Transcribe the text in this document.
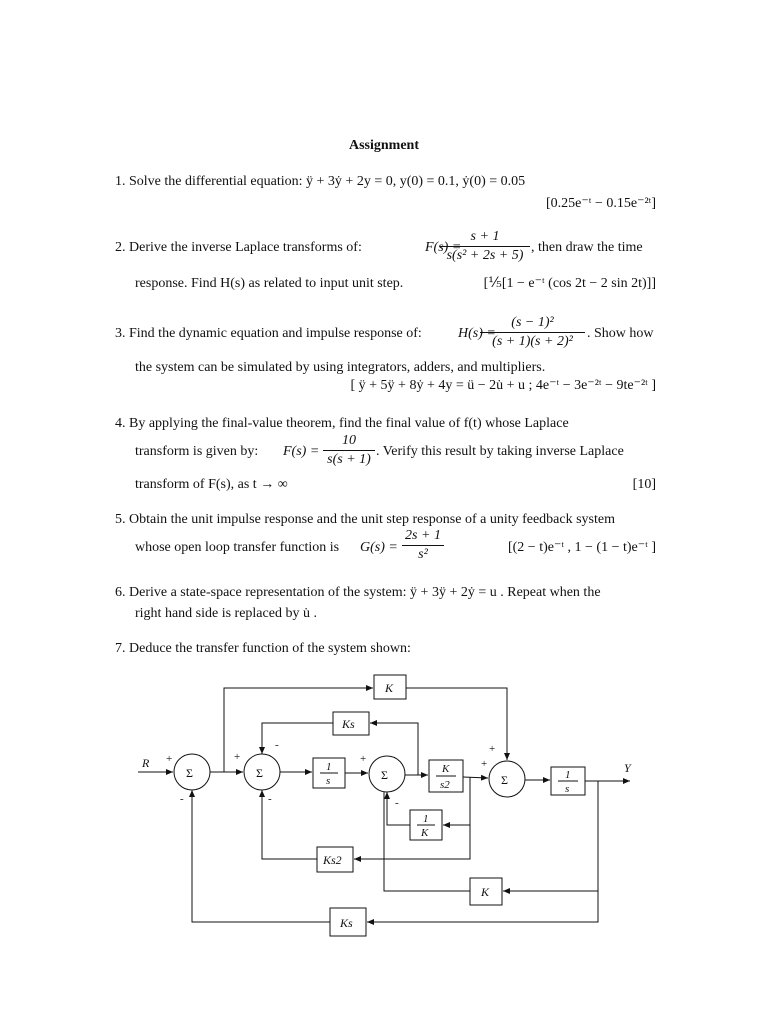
Assignment
1. Solve the differential equation: ÿ + 3ẏ + 2y = 0, y(0) = 0.1, ẏ(0) = 0.05
[0.25e⁻ᵗ − 0.15e⁻²ᵗ]
2. Derive the inverse Laplace transforms of:	F(s) =
s + 1
s(s² + 2s + 5)
, then draw the time
response. Find H(s) as related to input unit step.	[⅕[1 − e⁻ᵗ (cos 2t − 2 sin 2t)]]
3. Find the dynamic equation and impulse response of:	H(s) =
(s − 1)²
(s + 1)(s + 2)²
. Show how
the system can be simulated by using integrators, adders, and multipliers.
[ ÿ + 5ÿ + 8ẏ + 4y = ü − 2u̇ + u ; 4e⁻ᵗ − 3e⁻²ᵗ − 9te⁻²ᵗ ]
4. By applying the final-value theorem, find the final value of f(t) whose Laplace
transform is given by: F(s) =
10
s(s + 1)
. Verify this result by taking inverse Laplace
transform of F(s), as t → ∞	[10]
5. Obtain the unit impulse response and the unit step response of a unity feedback system
whose open loop transfer function is G(s) =
2s + 1
s²	[(2 − t)e⁻ᵗ , 1 − (1 − t)e⁻ᵗ ]
6. Derive a state-space representation of the system: ÿ + 3ÿ + 2ẏ = u . Repeat when the
right hand side is replaced by u̇ .
7. Deduce the transfer function of the system shown:
Σ	Σ	Σ	Σ
R	Y
K
Ks
1
s
K
s2
1
s
1
K
Ks2
K
Ks
+
-
+
-
-
+
-
+
+
